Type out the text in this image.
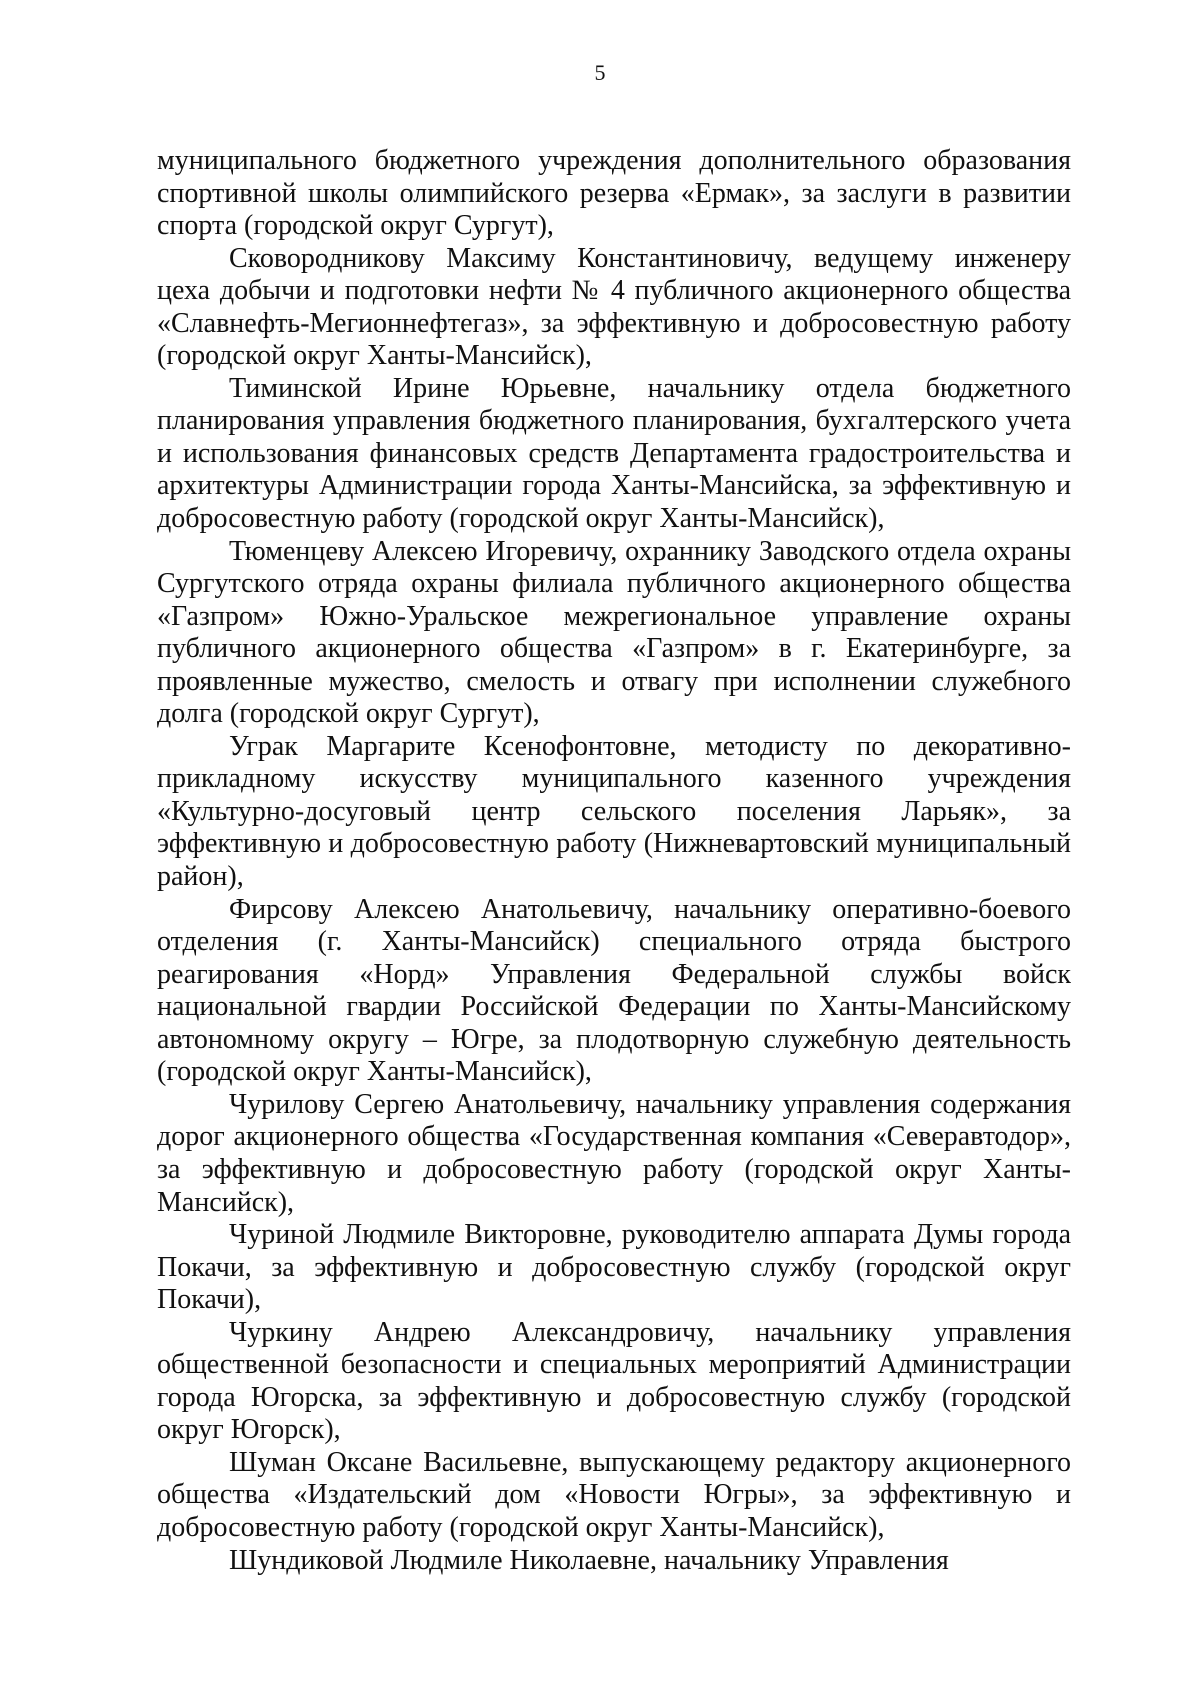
5

муниципального бюджетного учреждения дополнительного образования спортивной школы олимпийского резерва «Ермак», за заслуги в развитии спорта (городской округ Сургут),

Сковородникову Максиму Константиновичу, ведущему инженеру цеха добычи и подготовки нефти № 4 публичного акционерного общества «Славнефть-Мегионнефтегаз», за эффективную и добросовестную работу (городской округ Ханты-Мансийск),

Тиминской Ирине Юрьевне, начальнику отдела бюджетного планирования управления бюджетного планирования, бухгалтерского учета и использования финансовых средств Департамента градостроительства и архитектуры Администрации города Ханты-Мансийска, за эффективную и добросовестную работу (городской округ Ханты-Мансийск),

Тюменцеву Алексею Игоревичу, охраннику Заводского отдела охраны Сургутского отряда охраны филиала публичного акционерного общества «Газпром» Южно-Уральское межрегиональное управление охраны публичного акционерного общества «Газпром» в г. Екатеринбурге, за проявленные мужество, смелость и отвагу при исполнении служебного долга (городской округ Сургут),

Уграк Маргарите Ксенофонтовне, методисту по декоративно-прикладному искусству муниципального казенного учреждения «Культурно-досуговый центр сельского поселения Ларьяк», за эффективную и добросовестную работу (Нижневартовский муниципальный район),

Фирсову Алексею Анатольевичу, начальнику оперативно-боевого отделения (г. Ханты-Мансийск) специального отряда быстрого реагирования «Норд» Управления Федеральной службы войск национальной гвардии Российской Федерации по Ханты-Мансийскому автономному округу – Югре, за плодотворную служебную деятельность (городской округ Ханты-Мансийск),

Чурилову Сергею Анатольевичу, начальнику управления содержания дорог акционерного общества «Государственная компания «Северавтодор», за эффективную и добросовестную работу (городской округ Ханты-Мансийск),

Чуриной Людмиле Викторовне, руководителю аппарата Думы города Покачи, за эффективную и добросовестную службу (городской округ Покачи),

Чуркину Андрею Александровичу, начальнику управления общественной безопасности и специальных мероприятий Администрации города Югорска, за эффективную и добросовестную службу (городской округ Югорск),

Шуман Оксане Васильевне, выпускающему редактору акционерного общества «Издательский дом «Новости Югры», за эффективную и добросовестную работу (городской округ Ханты-Мансийск),

Шундиковой Людмиле Николаевне, начальнику Управления
